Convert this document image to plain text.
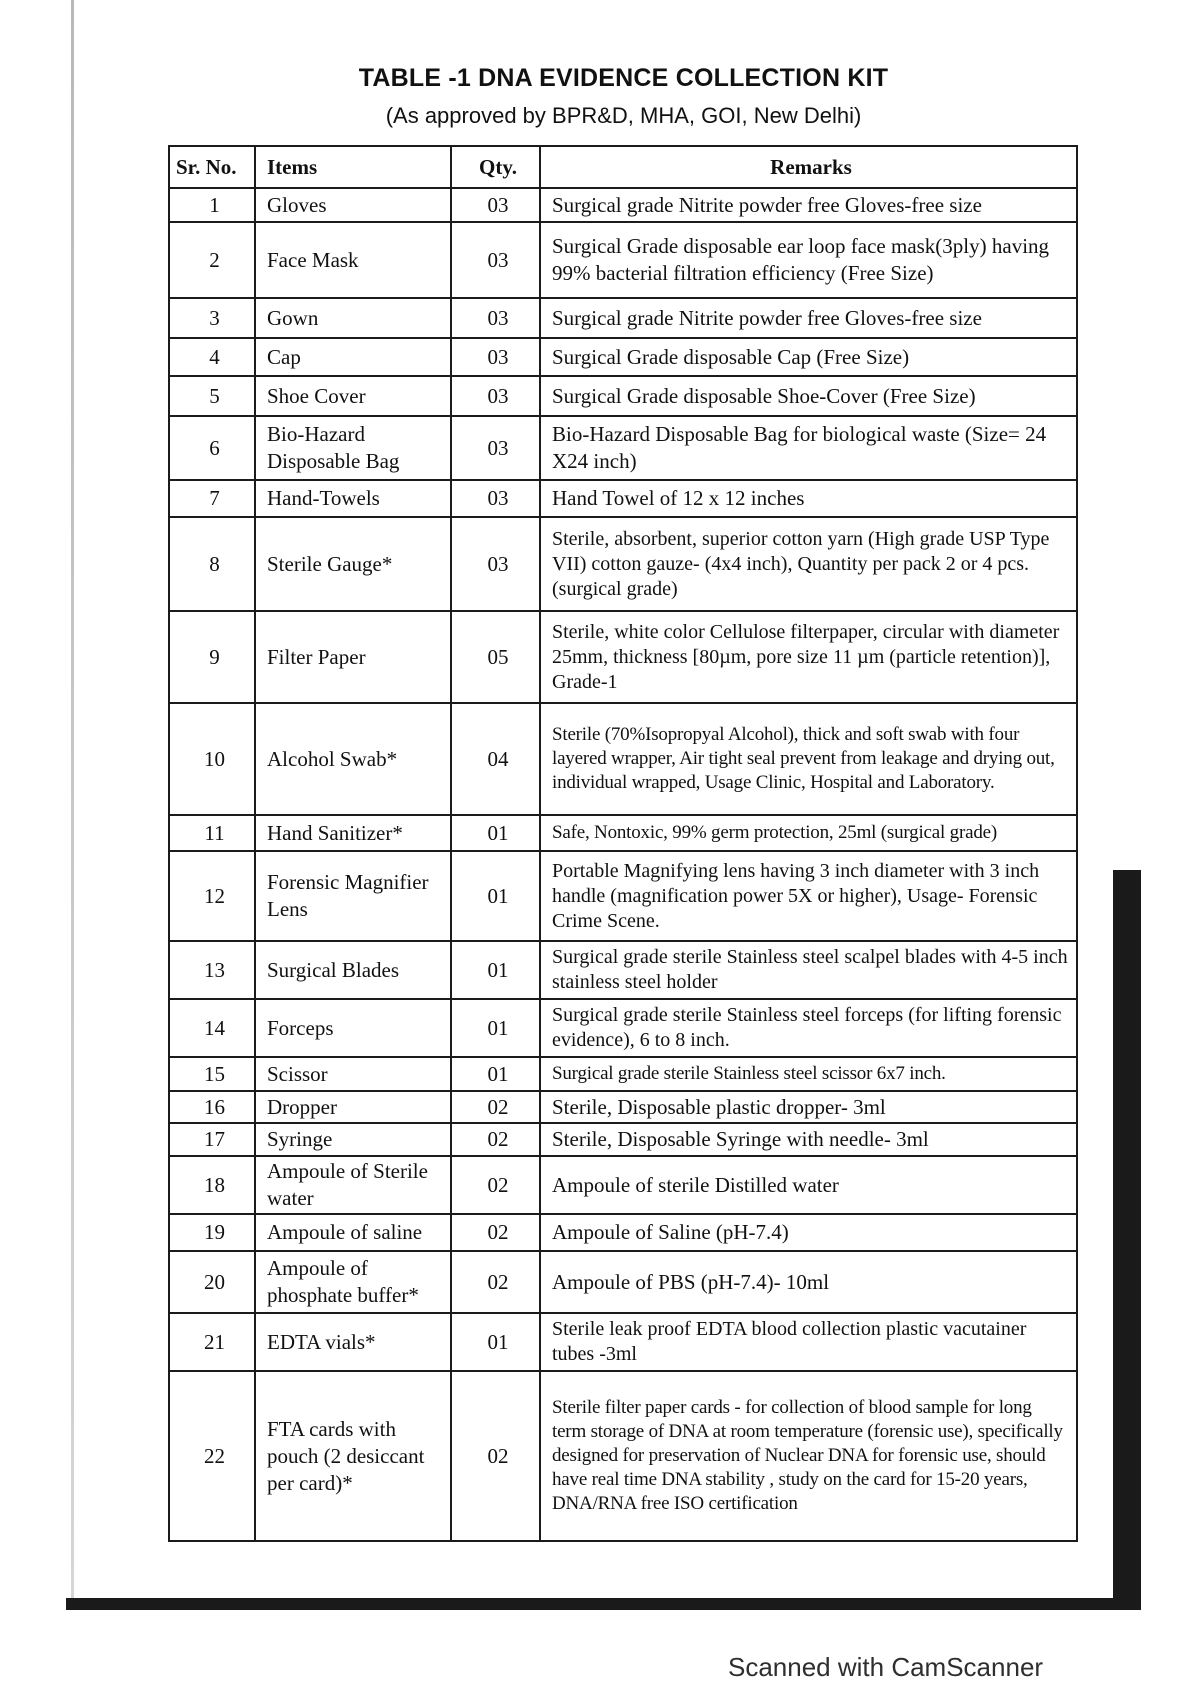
TABLE -1 DNA EVIDENCE COLLECTION KIT
(As approved by BPR&D, MHA, GOI, New Delhi)
Sr. No.	Items	Qty.	Remarks
1	Gloves	03	Surgical grade Nitrite powder free Gloves-free size
2	Face Mask	03	Surgical Grade disposable ear loop face mask(3ply) having 99% bacterial filtration efficiency (Free Size)
3	Gown	03	Surgical grade Nitrite powder free Gloves-free size
4	Cap	03	Surgical Grade disposable Cap (Free Size)
5	Shoe Cover	03	Surgical Grade disposable Shoe-Cover (Free Size)
6	Bio-Hazard Disposable Bag	03	Bio-Hazard Disposable Bag for biological waste (Size= 24 X24 inch)
7	Hand-Towels	03	Hand Towel of 12 x 12 inches
8	Sterile Gauge*	03	Sterile, absorbent, superior cotton yarn (High grade USP Type VII) cotton gauze- (4x4 inch), Quantity per pack 2 or 4 pcs. (surgical grade)
9	Filter Paper	05	Sterile, white color Cellulose filterpaper, circular with diameter 25mm, thickness [80µm, pore size 11 µm (particle retention)], Grade-1
10	Alcohol Swab*	04	Sterile (70%Isopropyal Alcohol), thick and soft swab with four layered wrapper, Air tight seal prevent from leakage and drying out, individual wrapped, Usage Clinic, Hospital and Laboratory.
11	Hand Sanitizer*	01	Safe, Nontoxic, 99% germ protection, 25ml (surgical grade)
12	Forensic Magnifier Lens	01	Portable Magnifying lens having 3 inch diameter with 3 inch handle (magnification power 5X or higher), Usage- Forensic Crime Scene.
13	Surgical Blades	01	Surgical grade sterile Stainless steel scalpel blades with 4-5 inch stainless steel holder
14	Forceps	01	Surgical grade sterile Stainless steel forceps (for lifting forensic evidence), 6 to 8 inch.
15	Scissor	01	Surgical grade sterile Stainless steel scissor 6x7 inch.
16	Dropper	02	Sterile, Disposable plastic dropper- 3ml
17	Syringe	02	Sterile, Disposable Syringe with needle- 3ml
18	Ampoule of Sterile water	02	Ampoule of sterile Distilled water
19	Ampoule of saline	02	Ampoule of Saline (pH-7.4)
20	Ampoule of phosphate buffer*	02	Ampoule of PBS (pH-7.4)- 10ml
21	EDTA vials*	01	Sterile leak proof EDTA blood collection plastic vacutainer tubes -3ml
22	FTA cards with pouch (2 desiccant per card)*	02	Sterile filter paper cards - for collection of blood sample for long term storage of DNA at room temperature (forensic use), specifically designed for preservation of Nuclear DNA for forensic use, should have real time DNA stability , study on the card for 15-20 years, DNA/RNA free ISO certification
Scanned with CamScanner
